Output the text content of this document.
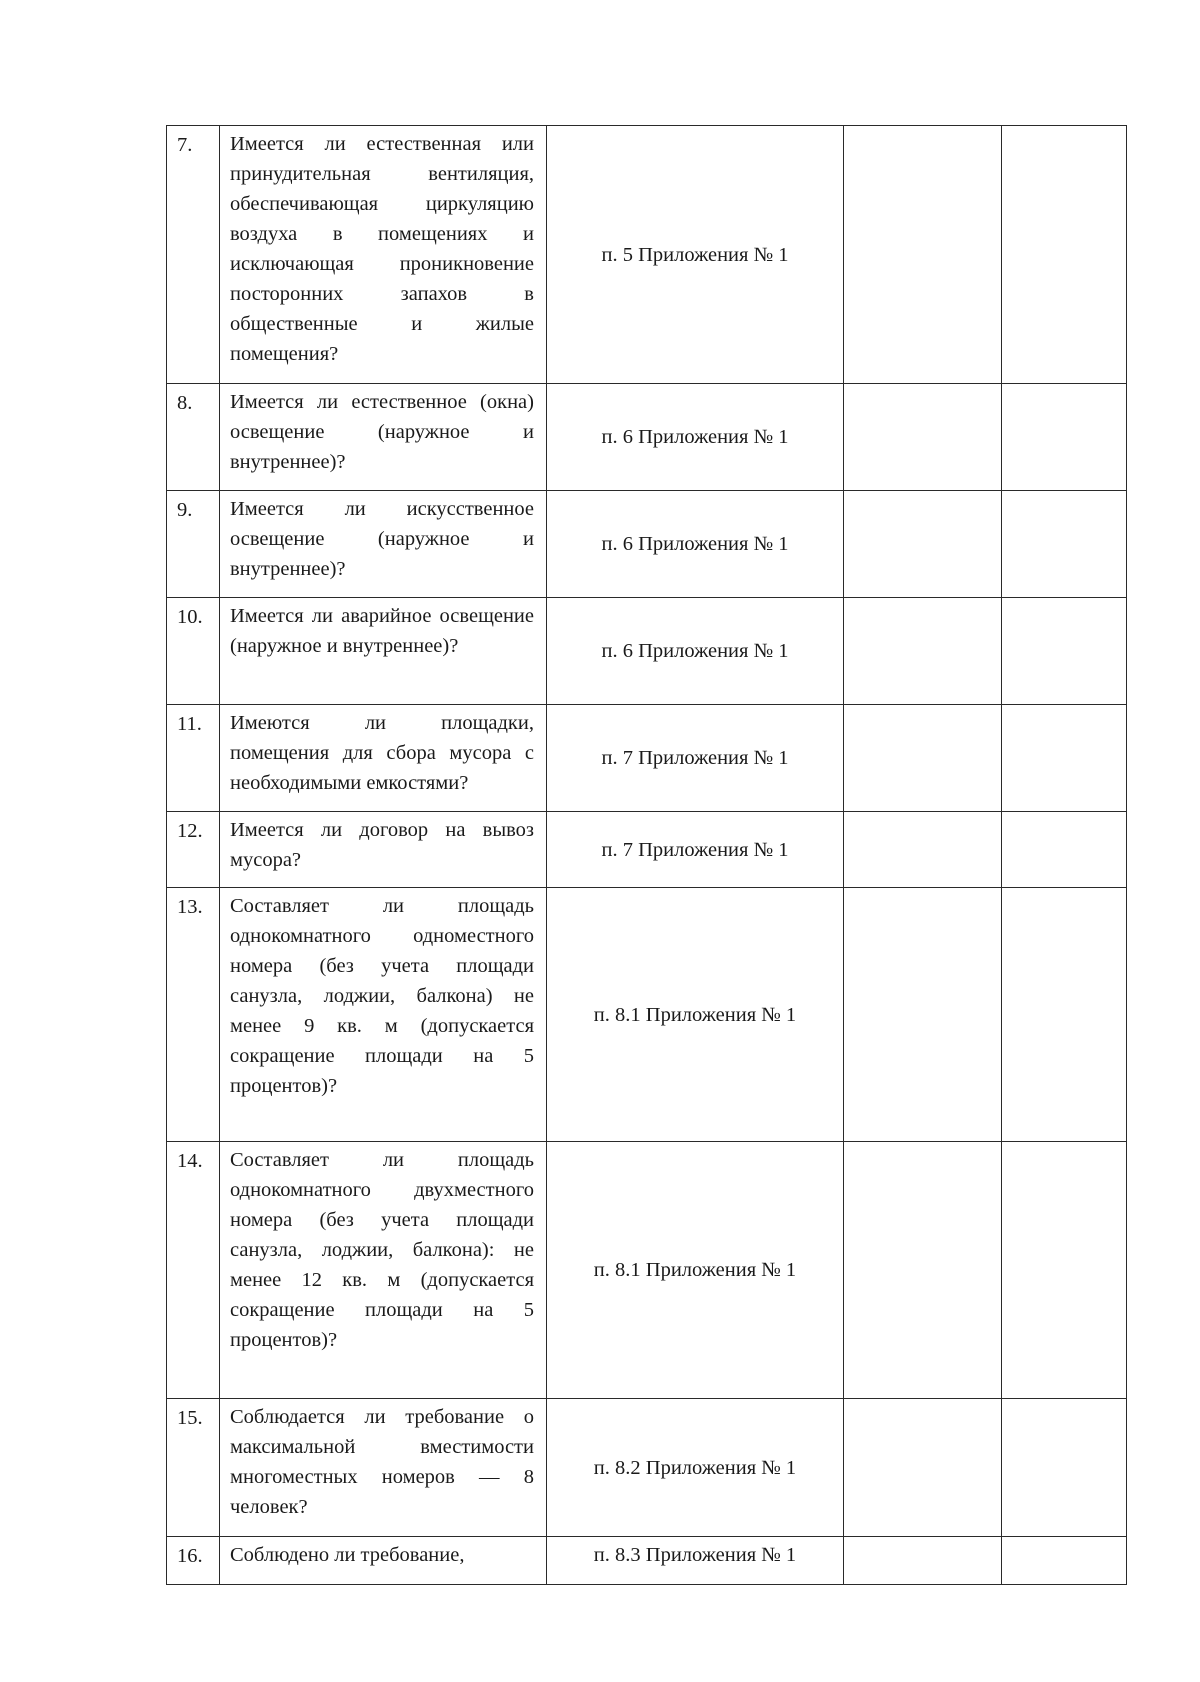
7.	Имеется ли естественная или принудительная вентиляция, обеспечивающая циркуляцию воздуха в помещениях и исключающая проникновение посторонних запахов в общественные и жилые помещения?	п. 5 Приложения № 1		
8.	Имеется ли естественное (окна) освещение (наружное и внутреннее)?	п. 6 Приложения № 1		
9.	Имеется ли искусственное освещение (наружное и внутреннее)?	п. 6 Приложения № 1		
10.	Имеется ли аварийное освещение (наружное и внутреннее)?	п. 6 Приложения № 1		
11.	Имеются ли площадки, помещения для сбора мусора с необходимыми емкостями?	п. 7 Приложения № 1		
12.	Имеется ли договор на вывоз мусора?	п. 7 Приложения № 1		
13.	Составляет ли площадь однокомнатного одноместного номера (без учета площади санузла, лоджии, балкона) не менее 9 кв. м (допускается сокращение площади на 5 процентов)?	п. 8.1 Приложения № 1		
14.	Составляет ли площадь однокомнатного двухместного номера (без учета площади санузла, лоджии, балкона): не менее 12 кв. м (допускается сокращение площади на 5 процентов)?	п. 8.1 Приложения № 1		
15.	Соблюдается ли требование о максимальной вместимости многоместных номеров — 8 человек?	п. 8.2 Приложения № 1		
16.	Соблюдено ли требование,	п. 8.3 Приложения № 1		
